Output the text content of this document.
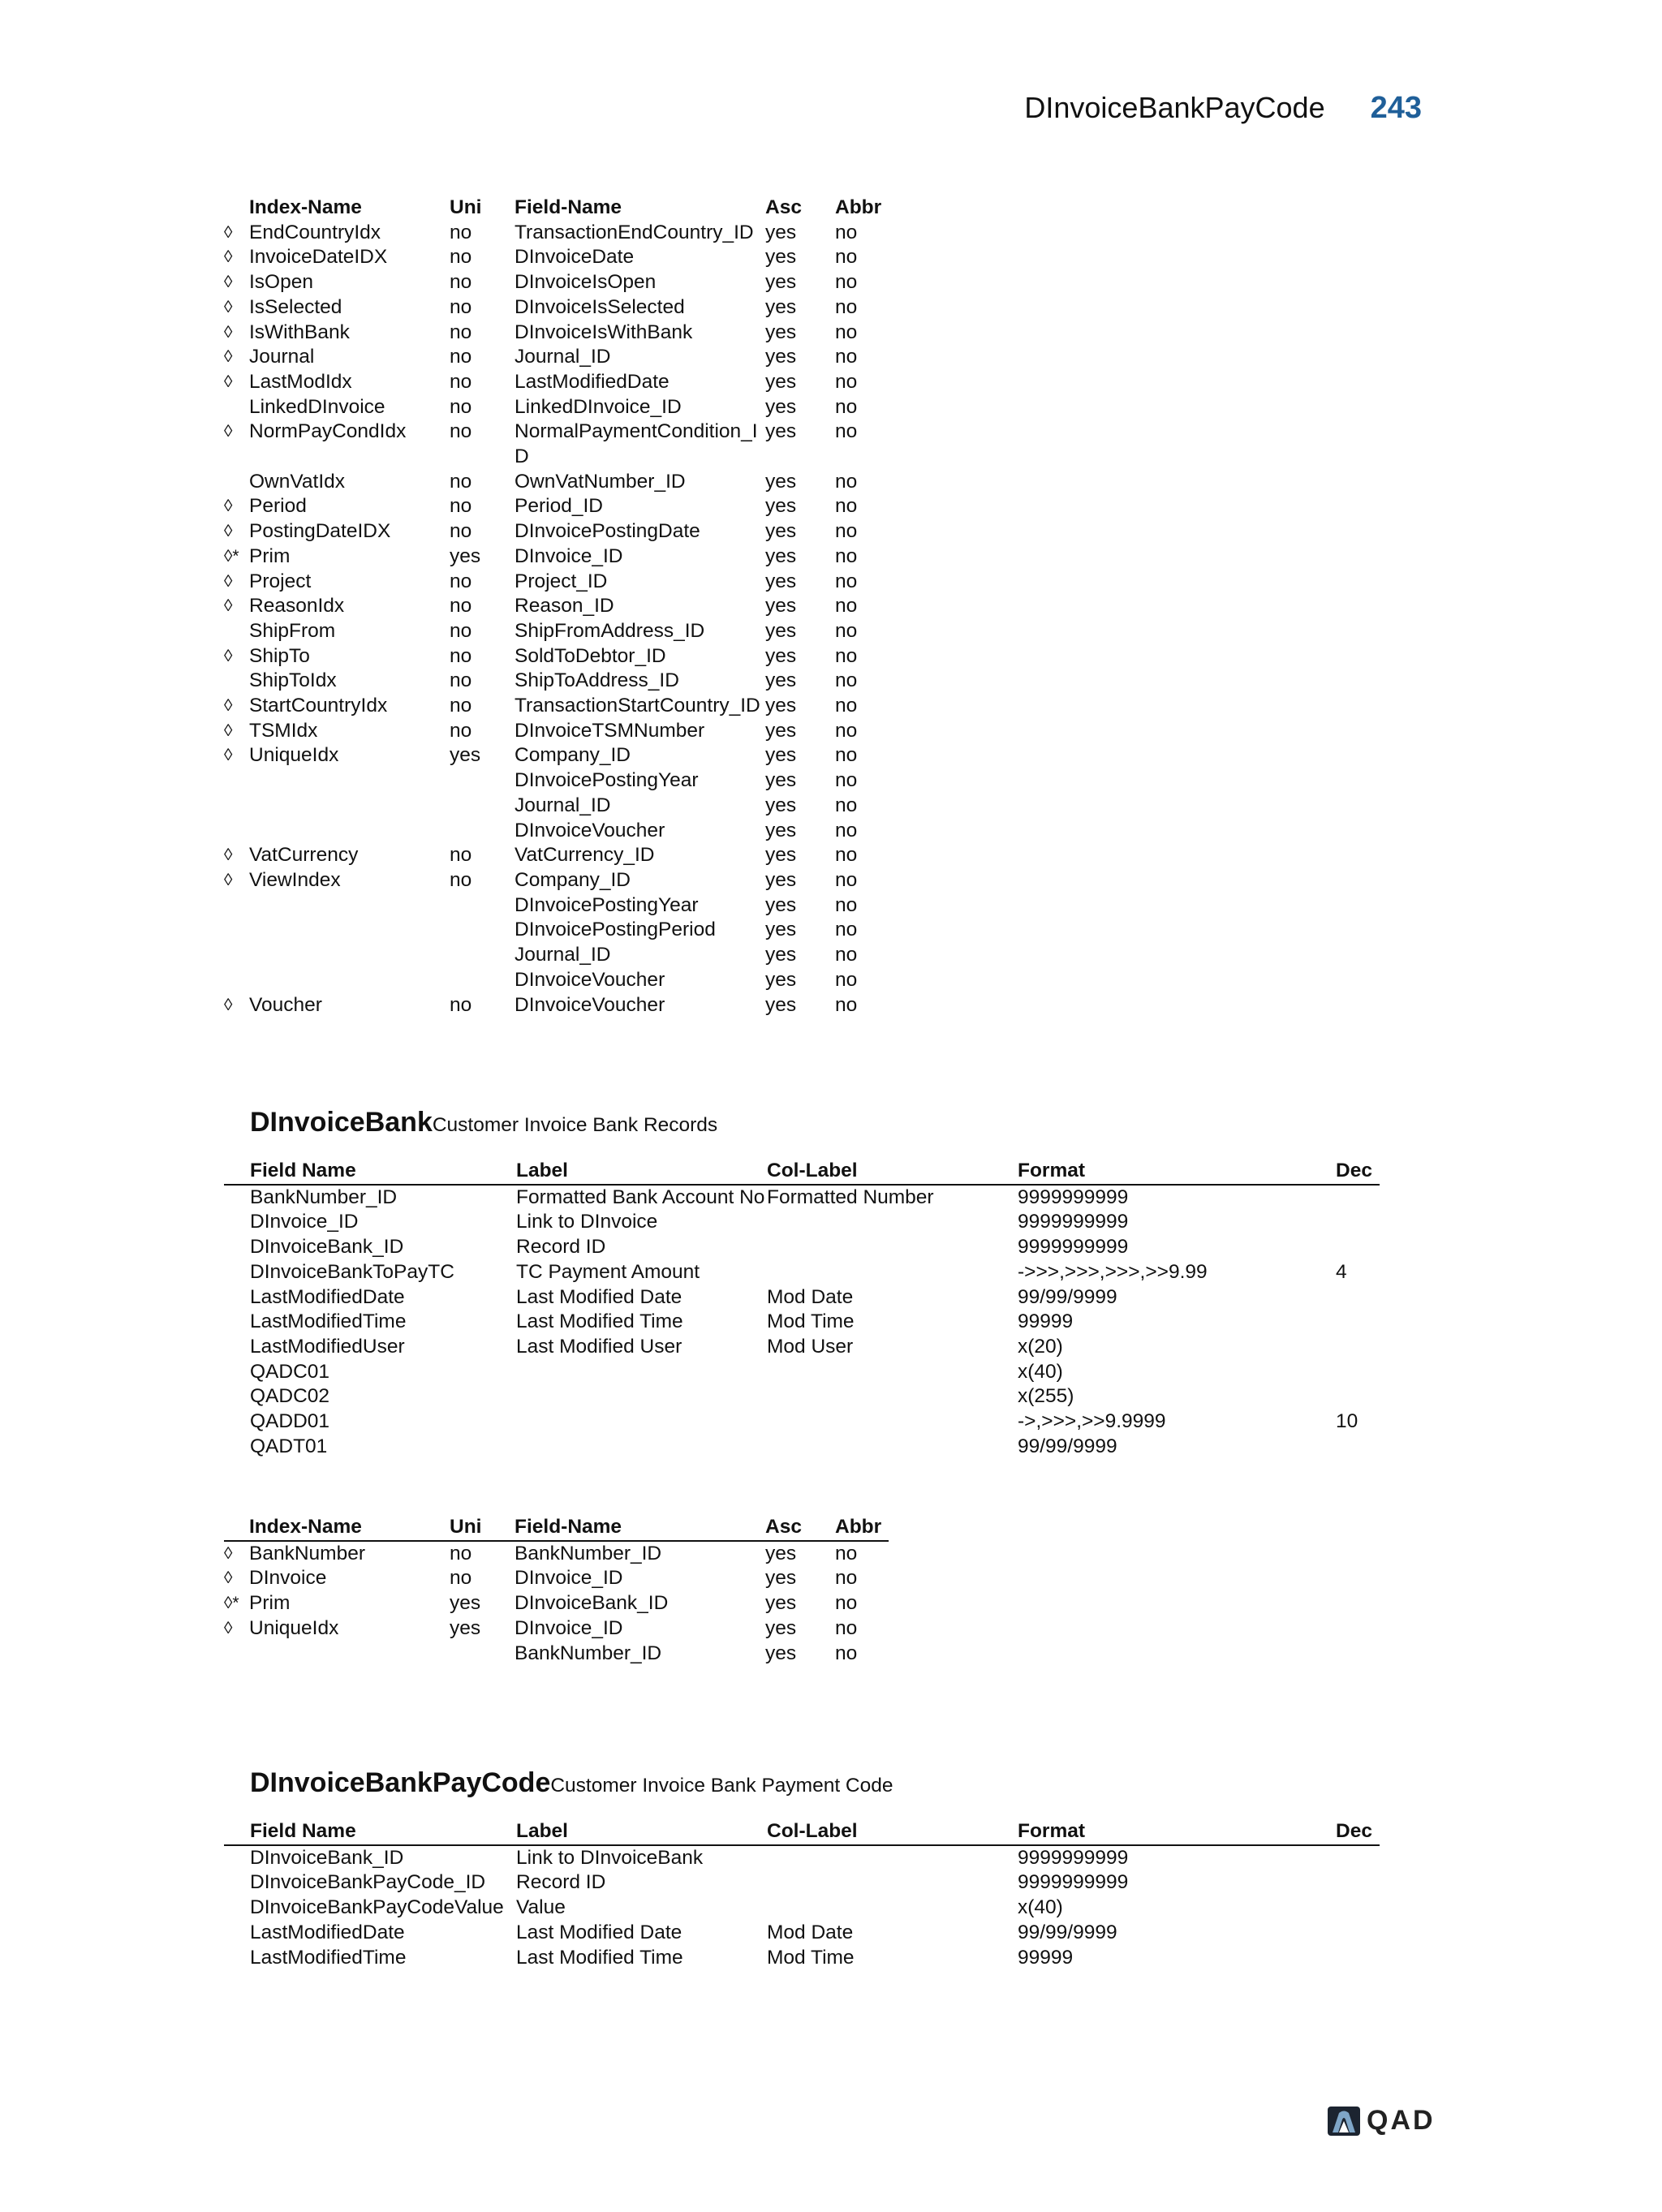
DInvoiceBankPayCode 243
	Index-Name	Uni	Field-Name	Asc	Abbr
◊	EndCountryIdx	no	TransactionEndCountry_ID	yes	no
◊	InvoiceDateIDX	no	DInvoiceDate	yes	no
◊	IsOpen	no	DInvoiceIsOpen	yes	no
◊	IsSelected	no	DInvoiceIsSelected	yes	no
◊	IsWithBank	no	DInvoiceIsWithBank	yes	no
◊	Journal	no	Journal_ID	yes	no
◊	LastModIdx	no	LastModifiedDate	yes	no
	LinkedDInvoice	no	LinkedDInvoice_ID	yes	no
◊	NormPayCondIdx	no	NormalPaymentCondition_I D	yes	no
	OwnVatIdx	no	OwnVatNumber_ID	yes	no
◊	Period	no	Period_ID	yes	no
◊	PostingDateIDX	no	DInvoicePostingDate	yes	no
◊*	Prim	yes	DInvoice_ID	yes	no
◊	Project	no	Project_ID	yes	no
◊	ReasonIdx	no	Reason_ID	yes	no
	ShipFrom	no	ShipFromAddress_ID	yes	no
◊	ShipTo	no	SoldToDebtor_ID	yes	no
	ShipToIdx	no	ShipToAddress_ID	yes	no
◊	StartCountryIdx	no	TransactionStartCountry_ID	yes	no
◊	TSMIdx	no	DInvoiceTSMNumber	yes	no
◊	UniqueIdx	yes	Company_ID	yes	no
			DInvoicePostingYear	yes	no
			Journal_ID	yes	no
			DInvoiceVoucher	yes	no
◊	VatCurrency	no	VatCurrency_ID	yes	no
◊	ViewIndex	no	Company_ID	yes	no
			DInvoicePostingYear	yes	no
			DInvoicePostingPeriod	yes	no
			Journal_ID	yes	no
			DInvoiceVoucher	yes	no
◊	Voucher	no	DInvoiceVoucher	yes	no
DInvoiceBankCustomer Invoice Bank Records
Field Name	Label	Col-Label	Format	Dec
BankNumber_ID	Formatted Bank Account No	Formatted Number	9999999999	
DInvoice_ID	Link to DInvoice		9999999999	
DInvoiceBank_ID	Record ID		9999999999	
DInvoiceBankToPayTC	TC Payment Amount		->>>,>>>,>>>,>>9.99	4
LastModifiedDate	Last Modified Date	Mod Date	99/99/9999	
LastModifiedTime	Last Modified Time	Mod Time	99999	
LastModifiedUser	Last Modified User	Mod User	x(20)	
QADC01			x(40)	
QADC02			x(255)	
QADD01			->,>>>,>>9.9999	10
QADT01			99/99/9999	
	Index-Name	Uni	Field-Name	Asc	Abbr
◊	BankNumber	no	BankNumber_ID	yes	no
◊	DInvoice	no	DInvoice_ID	yes	no
◊*	Prim	yes	DInvoiceBank_ID	yes	no
◊	UniqueIdx	yes	DInvoice_ID	yes	no
			BankNumber_ID	yes	no
DInvoiceBankPayCodeCustomer Invoice Bank Payment Code
Field Name	Label	Col-Label	Format	Dec
DInvoiceBank_ID	Link to DInvoiceBank		9999999999	
DInvoiceBankPayCode_ID	Record ID		9999999999	
DInvoiceBankPayCodeValue	Value		x(40)	
LastModifiedDate	Last Modified Date	Mod Date	99/99/9999	
LastModifiedTime	Last Modified Time	Mod Time	99999	
QAD
